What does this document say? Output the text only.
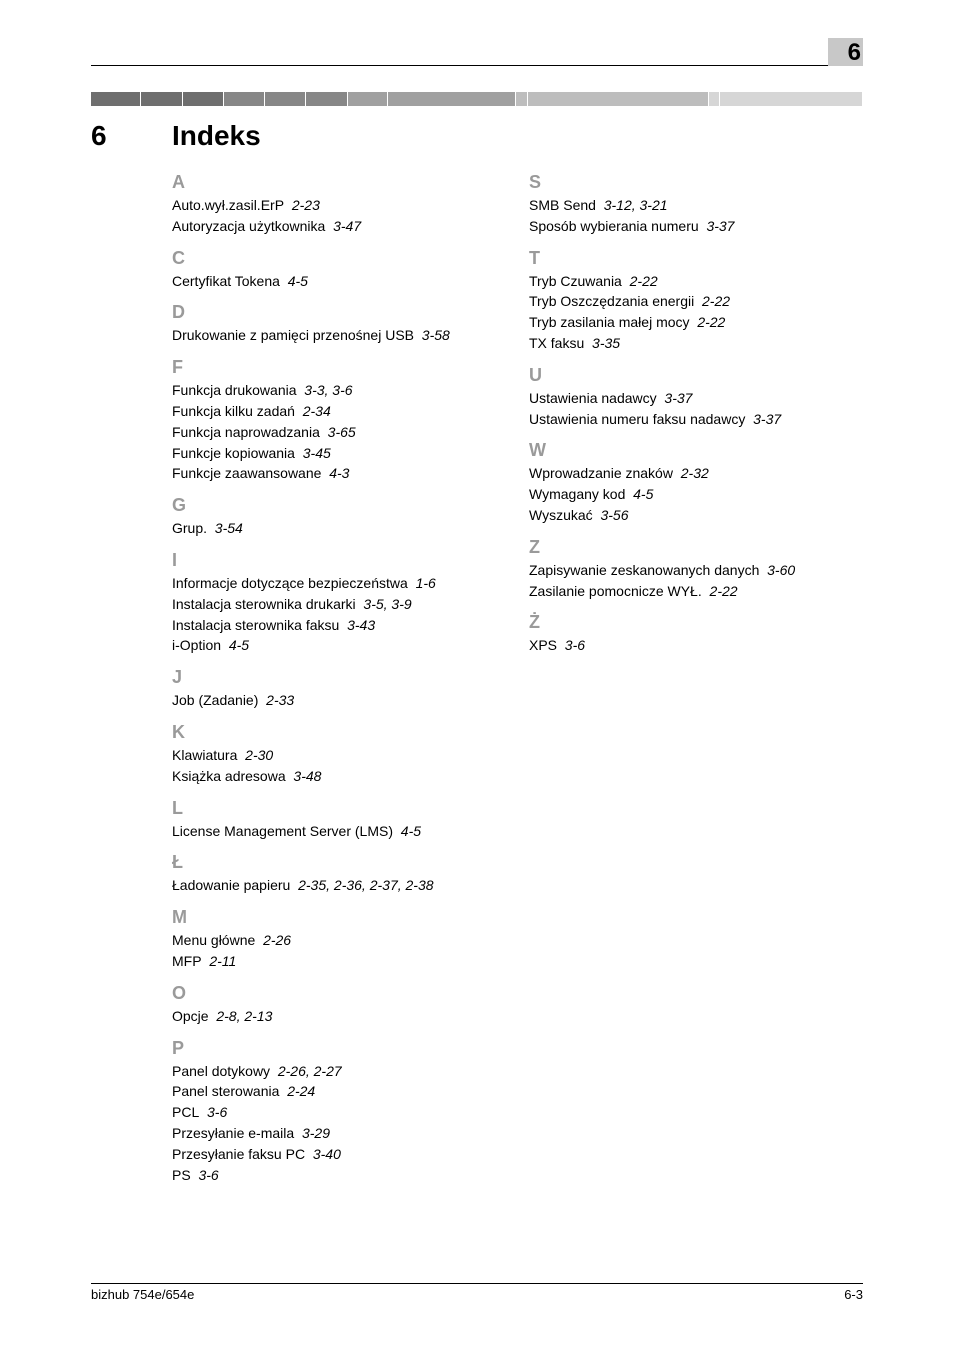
6
6	Indeks
A
Auto.wył.zasil.ErP 2-23
Autoryzacja użytkownika 3-47
C
Certyfikat Tokena 4-5
D
Drukowanie z pamięci przenośnej USB 3-58
F
Funkcja drukowania 3-3, 3-6
Funkcja kilku zadań 2-34
Funkcja naprowadzania 3-65
Funkcje kopiowania 3-45
Funkcje zaawansowane 4-3
G
Grup. 3-54
I
Informacje dotyczące bezpieczeństwa 1-6
Instalacja sterownika drukarki 3-5, 3-9
Instalacja sterownika faksu 3-43
i-Option 4-5
J
Job (Zadanie) 2-33
K
Klawiatura 2-30
Książka adresowa 3-48
L
License Management Server (LMS) 4-5
Ł
Ładowanie papieru 2-35, 2-36, 2-37, 2-38
M
Menu główne 2-26
MFP 2-11
O
Opcje 2-8, 2-13
P
Panel dotykowy 2-26, 2-27
Panel sterowania 2-24
PCL 3-6
Przesyłanie e-maila 3-29
Przesyłanie faksu PC 3-40
PS 3-6
S
SMB Send 3-12, 3-21
Sposób wybierania numeru 3-37
T
Tryb Czuwania 2-22
Tryb Oszczędzania energii 2-22
Tryb zasilania małej mocy 2-22
TX faksu 3-35
U
Ustawienia nadawcy 3-37
Ustawienia numeru faksu nadawcy 3-37
W
Wprowadzanie znaków 2-32
Wymagany kod 4-5
Wyszukać 3-56
Z
Zapisywanie zeskanowanych danych 3-60
Zasilanie pomocnicze WYŁ. 2-22
Ż
XPS 3-6
bizhub 754e/654e	6-3
